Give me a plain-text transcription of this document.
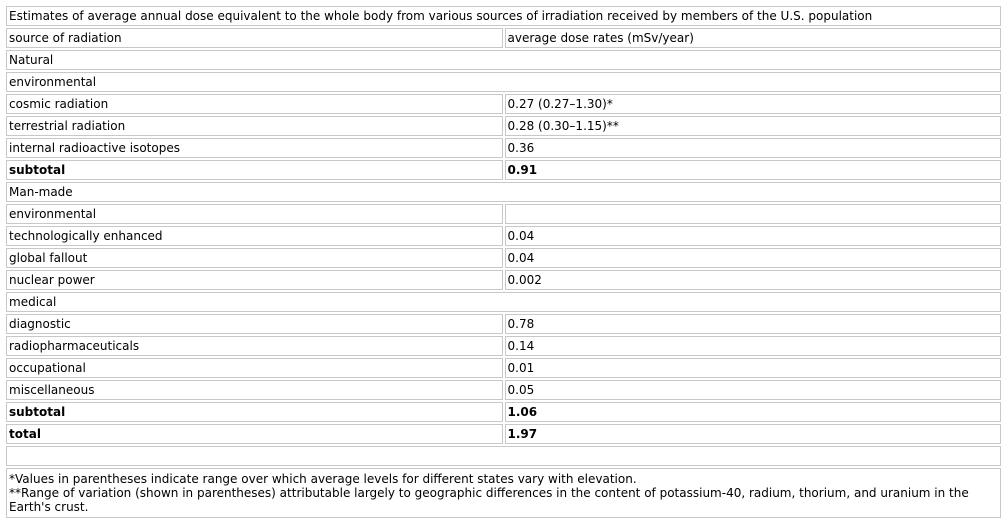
Estimates of average annual dose equivalent to the whole body from various sources of irradiation received by members of the U.S. population	
source of radiation	average dose rates (mSv/year)
Natural	
environmental	
cosmic radiation	0.27 (0.27–1.30)*
terrestrial radiation	0.28 (0.30–1.15)**
internal radioactive isotopes	0.36
subtotal	0.91
Man-made	
environmental	
technologically enhanced	0.04
global fallout	0.04
nuclear power	0.002
medical	
diagnostic	0.78
radiopharmaceuticals	0.14
occupational	0.01
miscellaneous	0.05
subtotal	1.06
total	1.97

*Values in parentheses indicate range over which average levels for different states vary with elevation.
**Range of variation (shown in parentheses) attributable largely to geographic differences in the content of potassium-40, radium, thorium, and uranium in the Earth's crust.	
